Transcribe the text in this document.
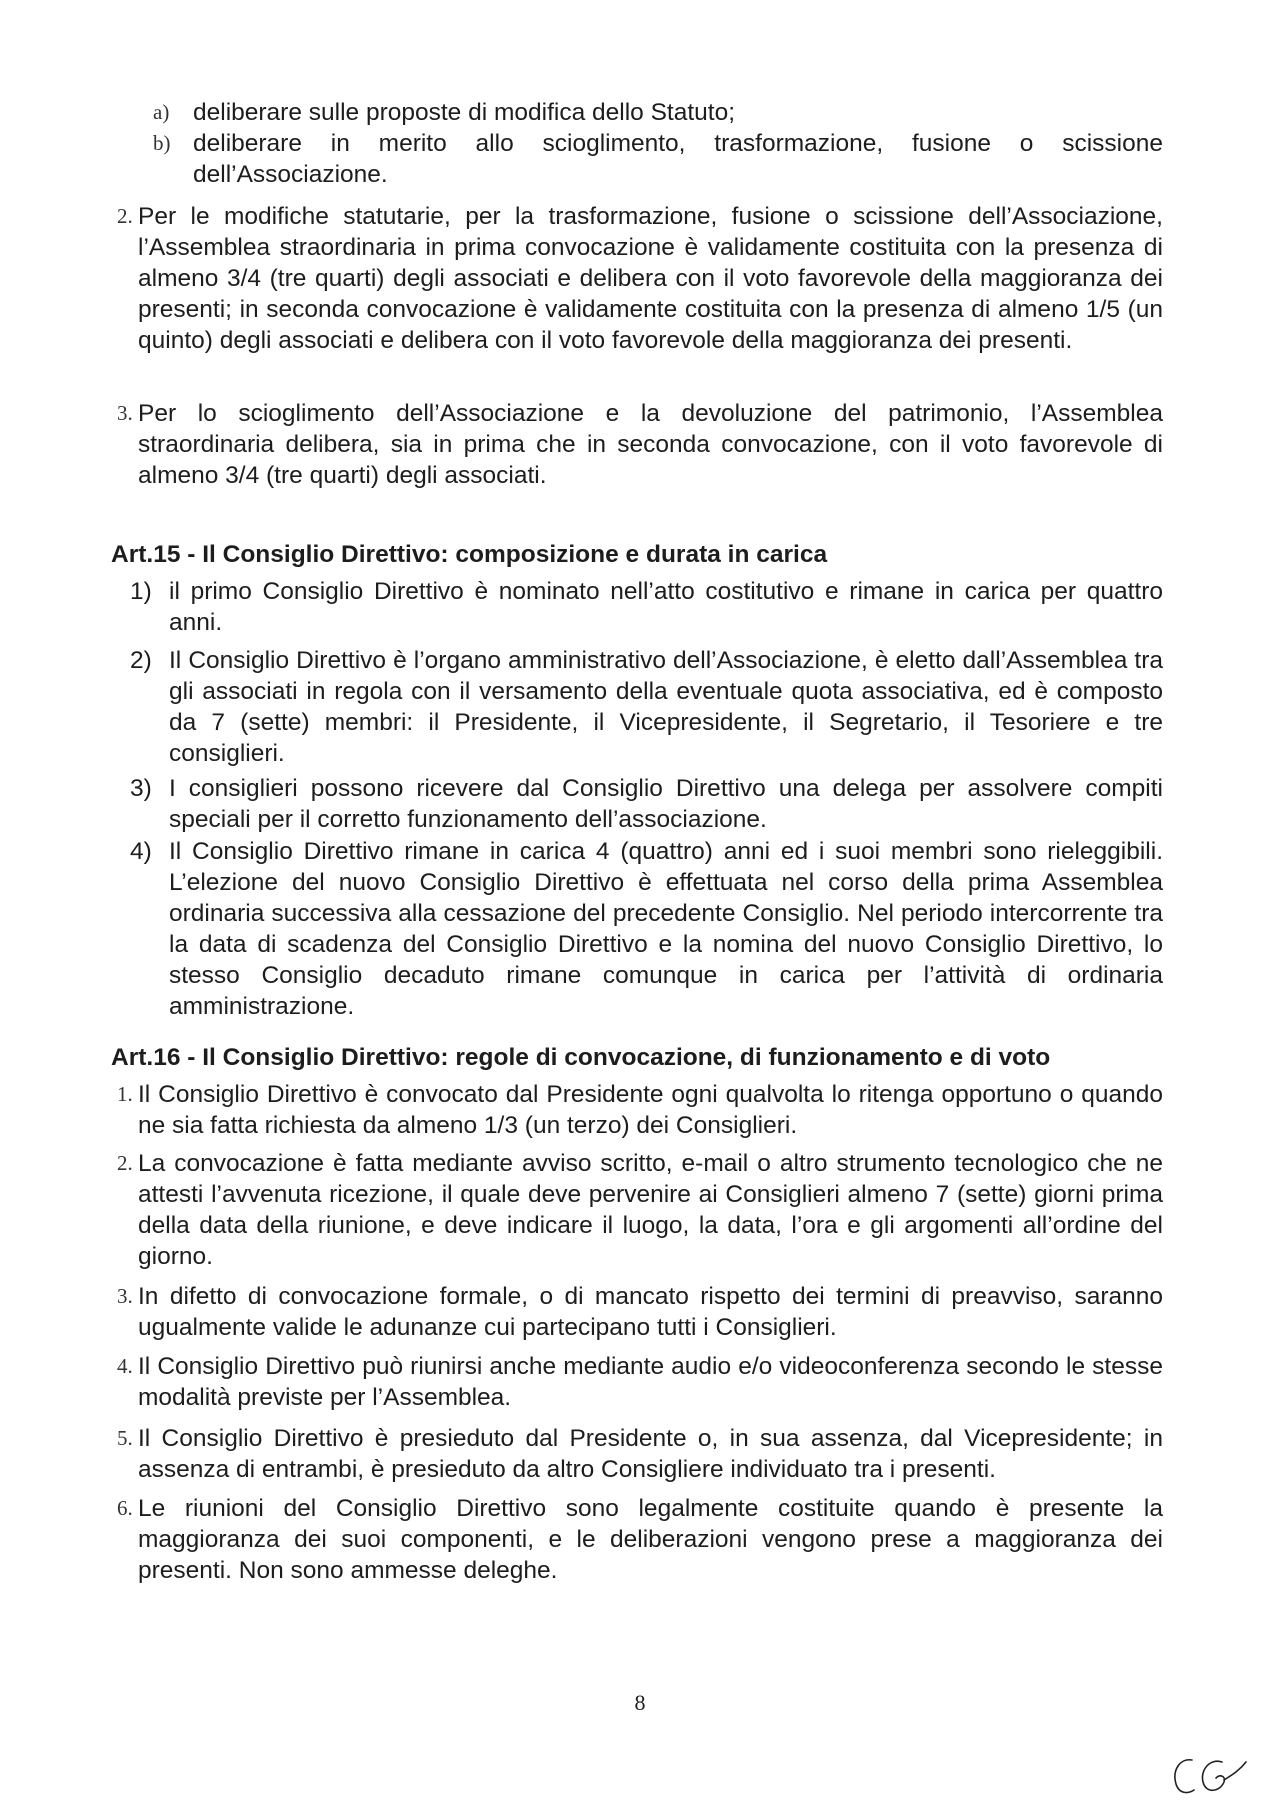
a) deliberare sulle proposte di modifica dello Statuto;
b) deliberare in merito allo scioglimento, trasformazione, fusione o scissione dell’Associazione.
2. Per le modifiche statutarie, per la trasformazione, fusione o scissione dell’Associazione, l’Assemblea straordinaria in prima convocazione è validamente costituita con la presenza di almeno 3/4 (tre quarti) degli associati e delibera con il voto favorevole della maggioranza dei presenti; in seconda convocazione è validamente costituita con la presenza di almeno 1/5 (un quinto) degli associati e delibera con il voto favorevole della maggioranza dei presenti.
3. Per lo scioglimento dell’Associazione e la devoluzione del patrimonio, l’Assemblea straordinaria delibera, sia in prima che in seconda convocazione, con il voto favorevole di almeno 3/4 (tre quarti) degli associati.
Art.15 - Il Consiglio Direttivo: composizione e durata in carica
1) il primo Consiglio Direttivo è nominato nell’atto costitutivo e rimane in carica per quattro anni.
2) Il Consiglio Direttivo è l’organo amministrativo dell’Associazione, è eletto dall’Assemblea tra gli associati in regola con il versamento della eventuale quota associativa, ed è composto da 7 (sette) membri: il Presidente, il Vicepresidente, il Segretario, il Tesoriere e tre consiglieri.
3) I consiglieri possono ricevere dal Consiglio Direttivo una delega per assolvere compiti speciali per il corretto funzionamento dell’associazione.
4) Il Consiglio Direttivo rimane in carica 4 (quattro) anni ed i suoi membri sono rieleggibili. L’elezione del nuovo Consiglio Direttivo è effettuata nel corso della prima Assemblea ordinaria successiva alla cessazione del precedente Consiglio. Nel periodo intercorrente tra la data di scadenza del Consiglio Direttivo e la nomina del nuovo Consiglio Direttivo, lo stesso Consiglio decaduto rimane comunque in carica per l’attività di ordinaria amministrazione.
Art.16 - Il Consiglio Direttivo: regole di convocazione, di funzionamento e di voto
1. Il Consiglio Direttivo è convocato dal Presidente ogni qualvolta lo ritenga opportuno o quando ne sia fatta richiesta da almeno 1/3 (un terzo) dei Consiglieri.
2. La convocazione è fatta mediante avviso scritto, e-mail o altro strumento tecnologico che ne attesti l’avvenuta ricezione, il quale deve pervenire ai Consiglieri almeno 7 (sette) giorni prima della data della riunione, e deve indicare il luogo, la data, l’ora e gli argomenti all’ordine del giorno.
3. In difetto di convocazione formale, o di mancato rispetto dei termini di preavviso, saranno ugualmente valide le adunanze cui partecipano tutti i Consiglieri.
4. Il Consiglio Direttivo può riunirsi anche mediante audio e/o videoconferenza secondo le stesse modalità previste per l’Assemblea.
5. Il Consiglio Direttivo è presieduto dal Presidente o, in sua assenza, dal Vicepresidente; in assenza di entrambi, è presieduto da altro Consigliere individuato tra i presenti.
6. Le riunioni del Consiglio Direttivo sono legalmente costituite quando è presente la maggioranza dei suoi componenti, e le deliberazioni vengono prese a maggioranza dei presenti. Non sono ammesse deleghe.
8
